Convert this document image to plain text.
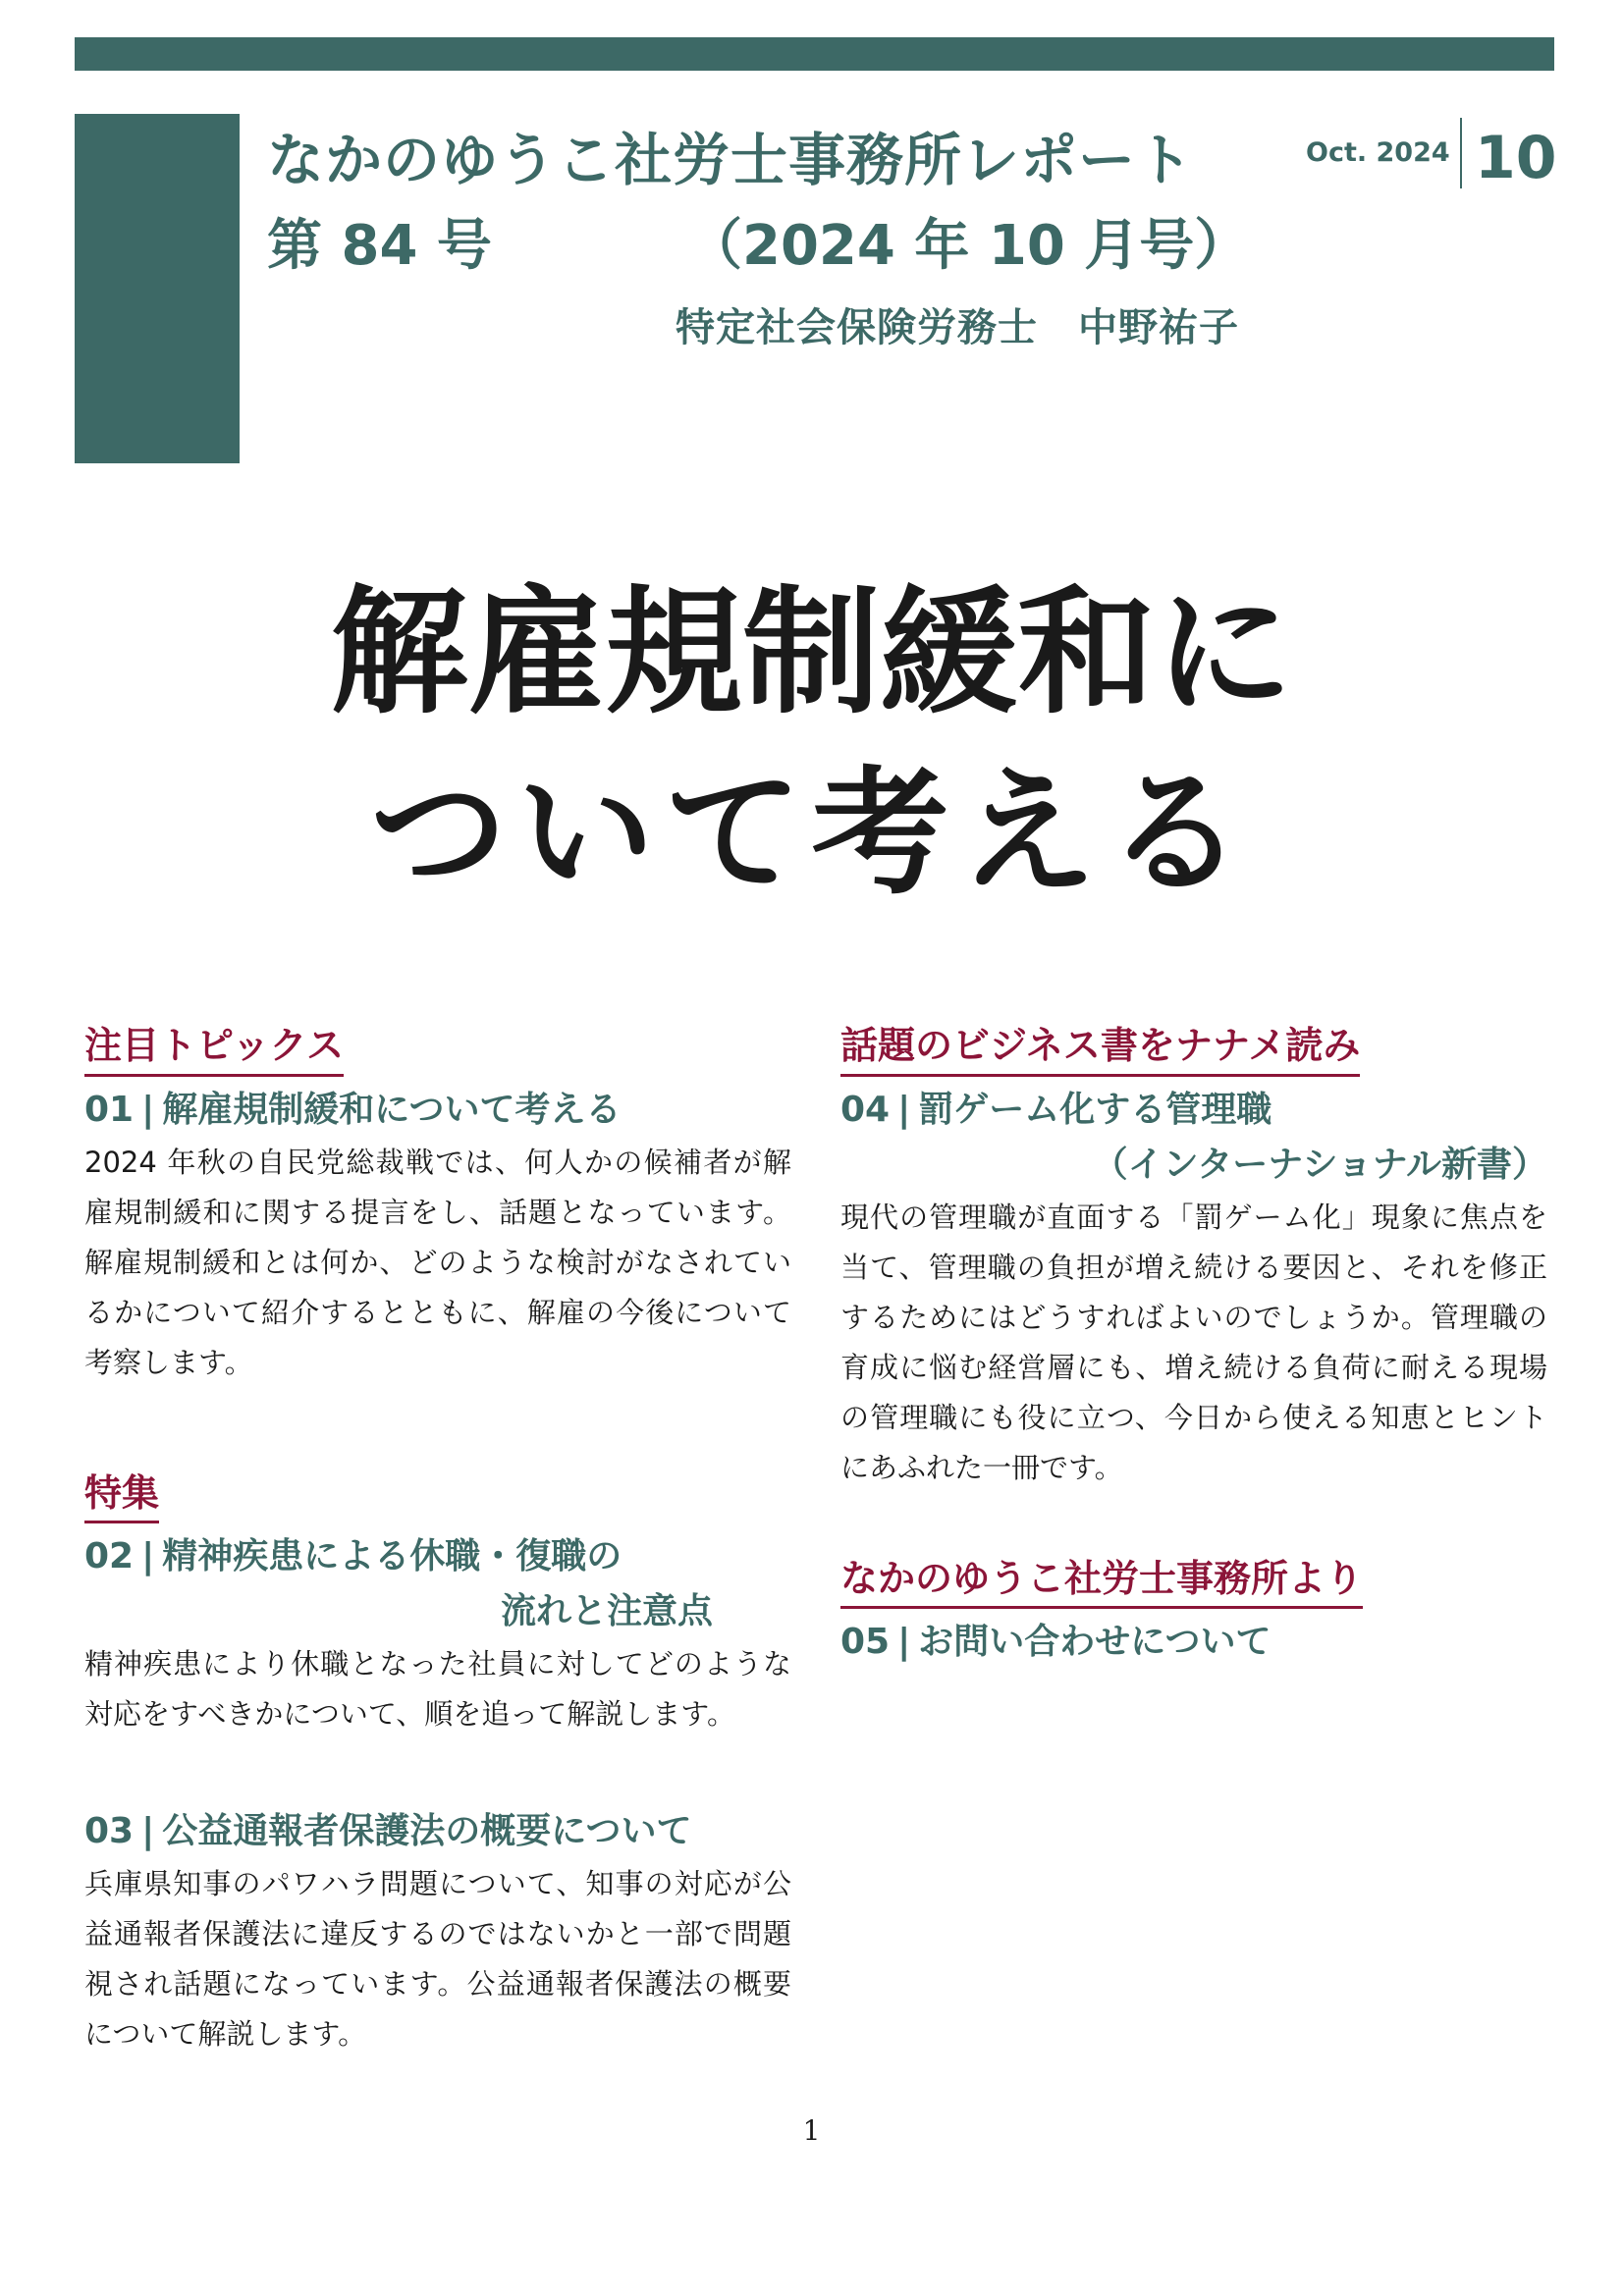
なかのゆうこ社労士事務所レポート
第 84 号	（2024 年 10 月号）
特定社会保険労務士　中野祐子
Oct. 2024 10
解雇規制緩和に
ついて考える
注目トピックス
01 | 解雇規制緩和について考える

2024 年秋の自民党総裁戦では、何人かの候補者が解雇規制緩和に関する提言をし、話題となっています。解雇規制緩和とは何か、どのような検討がなされているかについて紹介するとともに、解雇の今後について考察します。

特集
02 | 精神疾患による休職・復職の
流れと注意点

精神疾患により休職となった社員に対してどのような対応をすべきかについて、順を追って解説します。

03 | 公益通報者保護法の概要について

兵庫県知事のパワハラ問題について、知事の対応が公益通報者保護法に違反するのではないかと一部で問題視され話題になっています。公益通報者保護法の概要について解説します。

話題のビジネス書をナナメ読み
04 | 罰ゲーム化する管理職
（インターナショナル新書）

現代の管理職が直面する「罰ゲーム化」現象に焦点を当て、管理職の負担が増え続ける要因と、それを修正するためにはどうすればよいのでしょうか。管理職の育成に悩む経営層にも、増え続ける負荷に耐える現場の管理職にも役に立つ、今日から使える知恵とヒントにあふれた一冊です。

なかのゆうこ社労士事務所より
05 | お問い合わせについて
1
